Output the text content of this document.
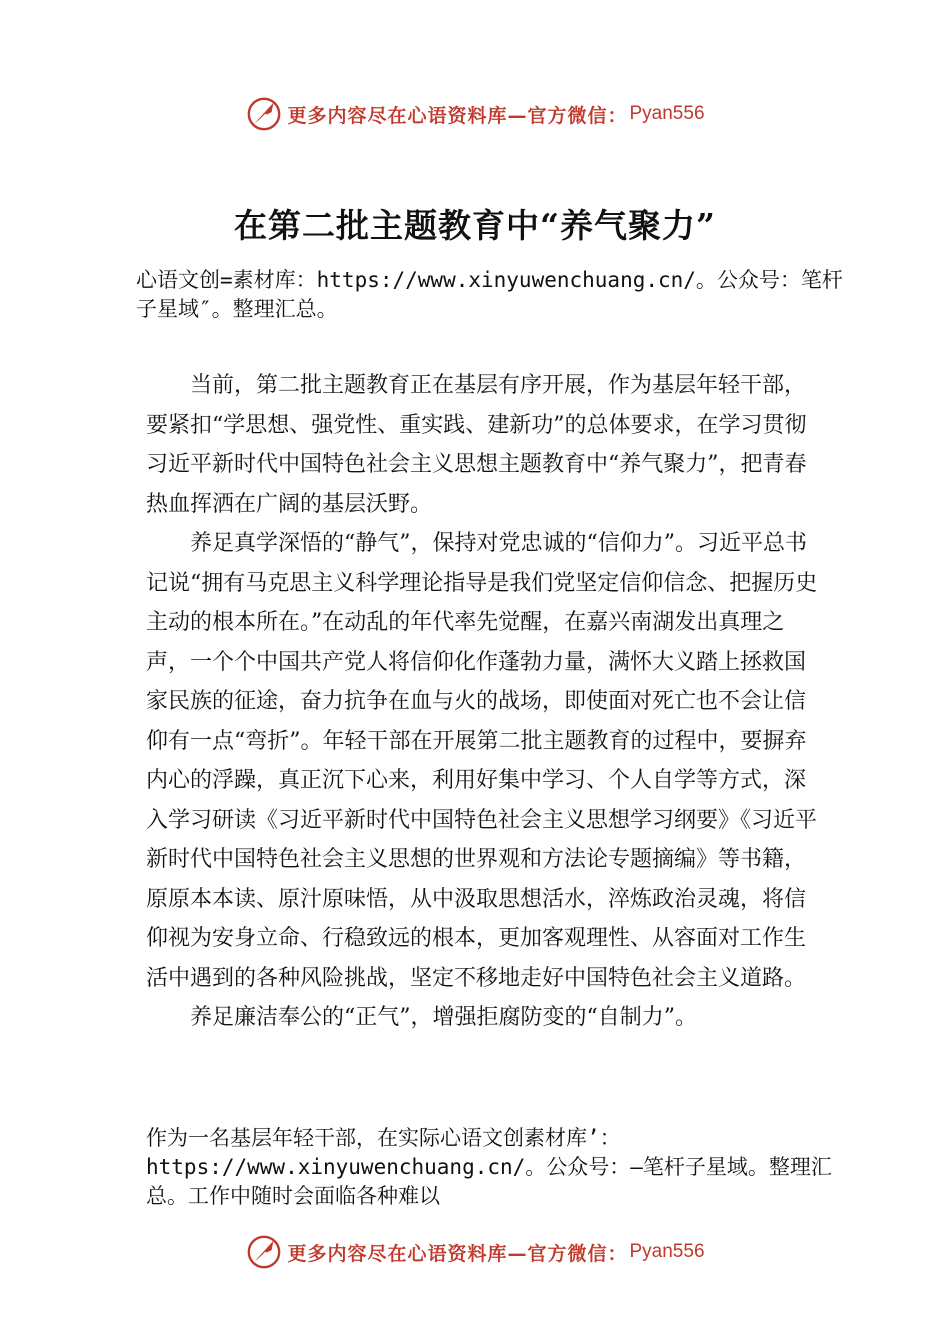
更多内容尽在心语资料库—官方微信： Pyan556
在第二批主题教育中“养气聚力”
心语文创=素材库：https://www.xinyuwenchuang.cn/。公众号：笔杆子星域″。整理汇总。

当前，第二批主题教育正在基层有序开展，作为基层年轻干部，要紧扣“学思想、强党性、重实践、建新功”的总体要求，在学习贯彻习近平新时代中国特色社会主义思想主题教育中“养气聚力”，把青春热血挥洒在广阔的基层沃野。

养足真学深悟的“静气”，保持对党忠诚的“信仰力”。习近平总书记说“拥有马克思主义科学理论指导是我们党坚定信仰信念、把握历史主动的根本所在。”在动乱的年代率先觉醒，在嘉兴南湖发出真理之声，一个个中国共产党人将信仰化作蓬勃力量，满怀大义踏上拯救国家民族的征途，奋力抗争在血与火的战场，即使面对死亡也不会让信仰有一点“弯折”。年轻干部在开展第二批主题教育的过程中，要摒弃内心的浮躁，真正沉下心来，利用好集中学习、个人自学等方式，深入学习研读《习近平新时代中国特色社会主义思想学习纲要》《习近平新时代中国特色社会主义思想的世界观和方法论专题摘编》等书籍，原原本本读、原汁原味悟，从中汲取思想活水，淬炼政治灵魂，将信仰视为安身立命、行稳致远的根本，更加客观理性、从容面对工作生活中遇到的各种风险挑战，坚定不移地走好中国特色社会主义道路。

养足廉洁奉公的“正气”，增强拒腐防变的“自制力”。

作为一名基层年轻干部，在实际心语文创素材库’：https://www.xinyuwenchuang.cn/。公众号：—笔杆子星域。整理汇总。工作中随时会面临各种难以
更多内容尽在心语资料库—官方微信： Pyan556
